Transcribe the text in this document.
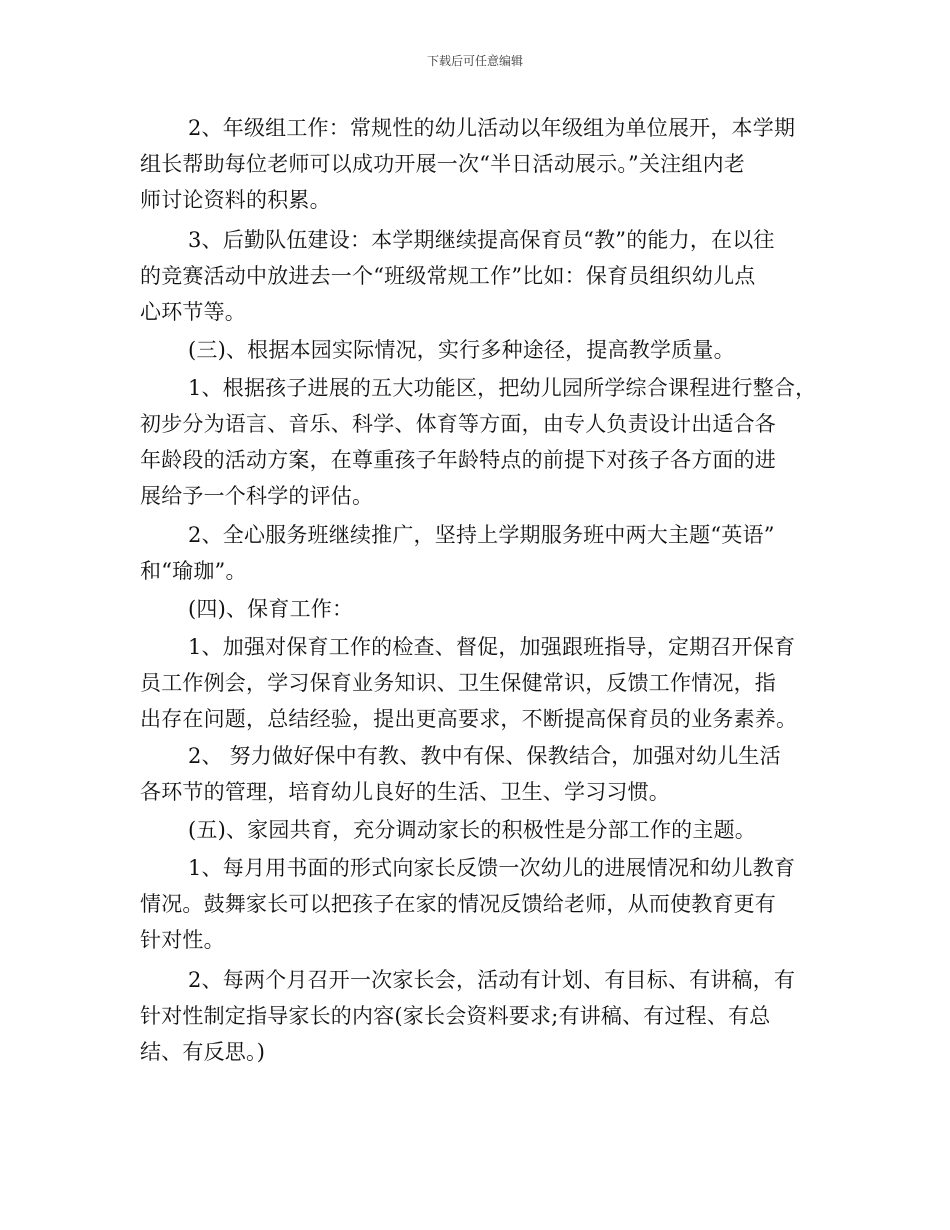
下载后可任意编辑
2、年级组工作：常规性的幼儿活动以年级组为单位展开，本学期
组长帮助每位老师可以成功开展一次“半日活动展示。”关注组内老
师讨论资料的积累。
3、后勤队伍建设：本学期继续提高保育员“教”的能力，在以往
的竞赛活动中放进去一个“班级常规工作”比如：保育员组织幼儿点
心环节等。
(三)、根据本园实际情况，实行多种途径，提高教学质量。
1、根据孩子进展的五大功能区，把幼儿园所学综合课程进行整合，
初步分为语言、音乐、科学、体育等方面，由专人负责设计出适合各
年龄段的活动方案，在尊重孩子年龄特点的前提下对孩子各方面的进
展给予一个科学的评估。
2、全心服务班继续推广，坚持上学期服务班中两大主题“英语”
和“瑜珈”。
(四)、保育工作：
1、加强对保育工作的检查、督促，加强跟班指导，定期召开保育
员工作例会，学习保育业务知识、卫生保健常识，反馈工作情况，指
出存在问题，总结经验，提出更高要求，不断提高保育员的业务素养。
2、 努力做好保中有教、教中有保、保教结合，加强对幼儿生活
各环节的管理，培育幼儿良好的生活、卫生、学习习惯。
(五)、家园共育，充分调动家长的积极性是分部工作的主题。
1、每月用书面的形式向家长反馈一次幼儿的进展情况和幼儿教育
情况。鼓舞家长可以把孩子在家的情况反馈给老师，从而使教育更有
针对性。
2、每两个月召开一次家长会，活动有计划、有目标、有讲稿，有
针对性制定指导家长的内容(家长会资料要求;有讲稿、有过程、有总
结、有反思。)
